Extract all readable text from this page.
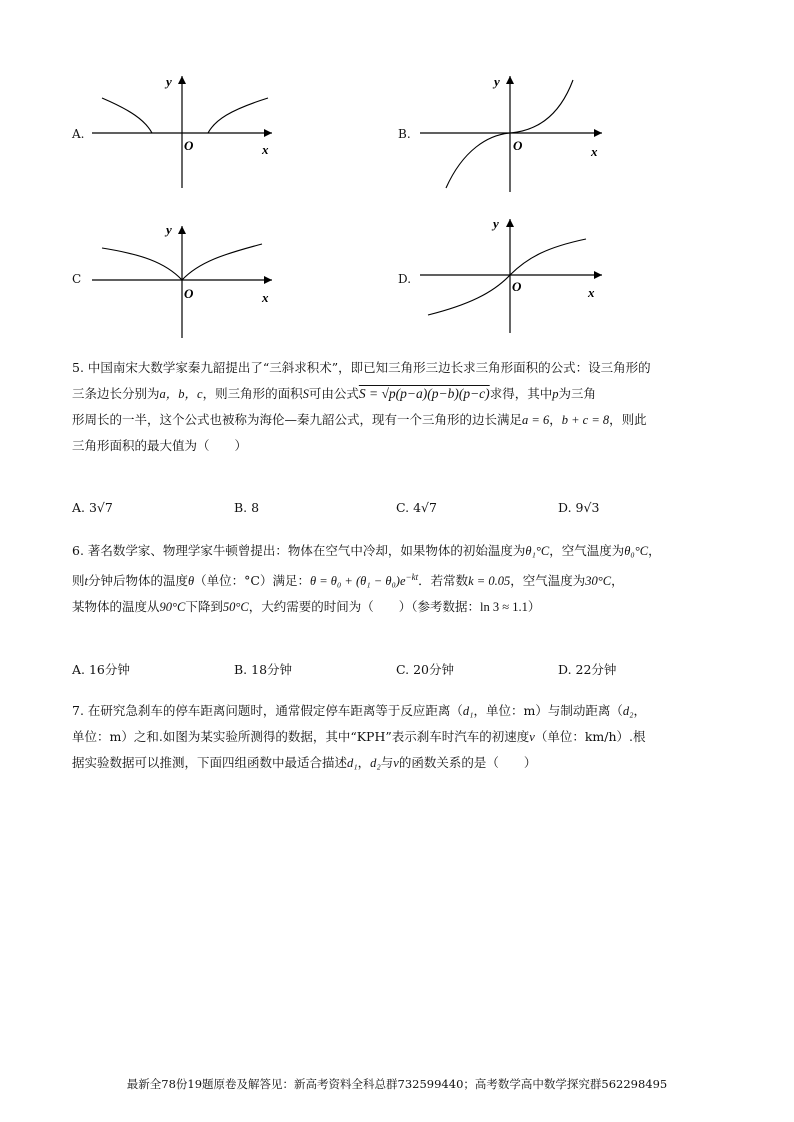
A.
y
O	x
B.
y
O	x
C
y
O	x
D.
y
O	x

5. 中国南宋大数学家秦九韶提出了“三斜求积术”，即已知三角形三边长求三角形面积的公式：设三角形的

三条边长分别为a，b，c，则三角形的面积S可由公式S = √p(p−a)(p−b)(p−c)求得，其中p为三角

形周长的一半，这个公式也被称为海伦—秦九韶公式，现有一个三角形的边长满足a = 6，b + c = 8，则此

三角形面积的最大值为（　　）

A. 3√7	B. 8	C. 4√7	D. 9√3

6. 著名数学家、物理学家牛顿曾提出：物体在空气中冷却，如果物体的初始温度为θ₁°C，空气温度为θ₀°C，

则t分钟后物体的温度θ（单位：°C）满足：$\theta = \theta_0 + (\theta_1 - \theta_0)e^{-kt}$．若常数k = 0.05，空气温度为30°C，

某物体的温度从90°C下降到50°C，大约需要的时间为（　　）（参考数据：ln 3 ≈ 1.1）

A. 16分钟	B. 18分钟	C. 20分钟	D. 22分钟

7. 在研究急刹车的停车距离问题时，通常假定停车距离等于反应距离（d₁，单位：m）与制动距离（d₂，

单位：m）之和.如图为某实验所测得的数据，其中“KPH”表示刹车时汽车的初速度v（单位：km/h）.根

据实验数据可以推测，下面四组函数中最适合描述d₁，d₂与v的函数关系的是（　　）

最新全78份19题原卷及解答见：新高考资料全科总群732599440；高考数学高中数学探究群562298495
